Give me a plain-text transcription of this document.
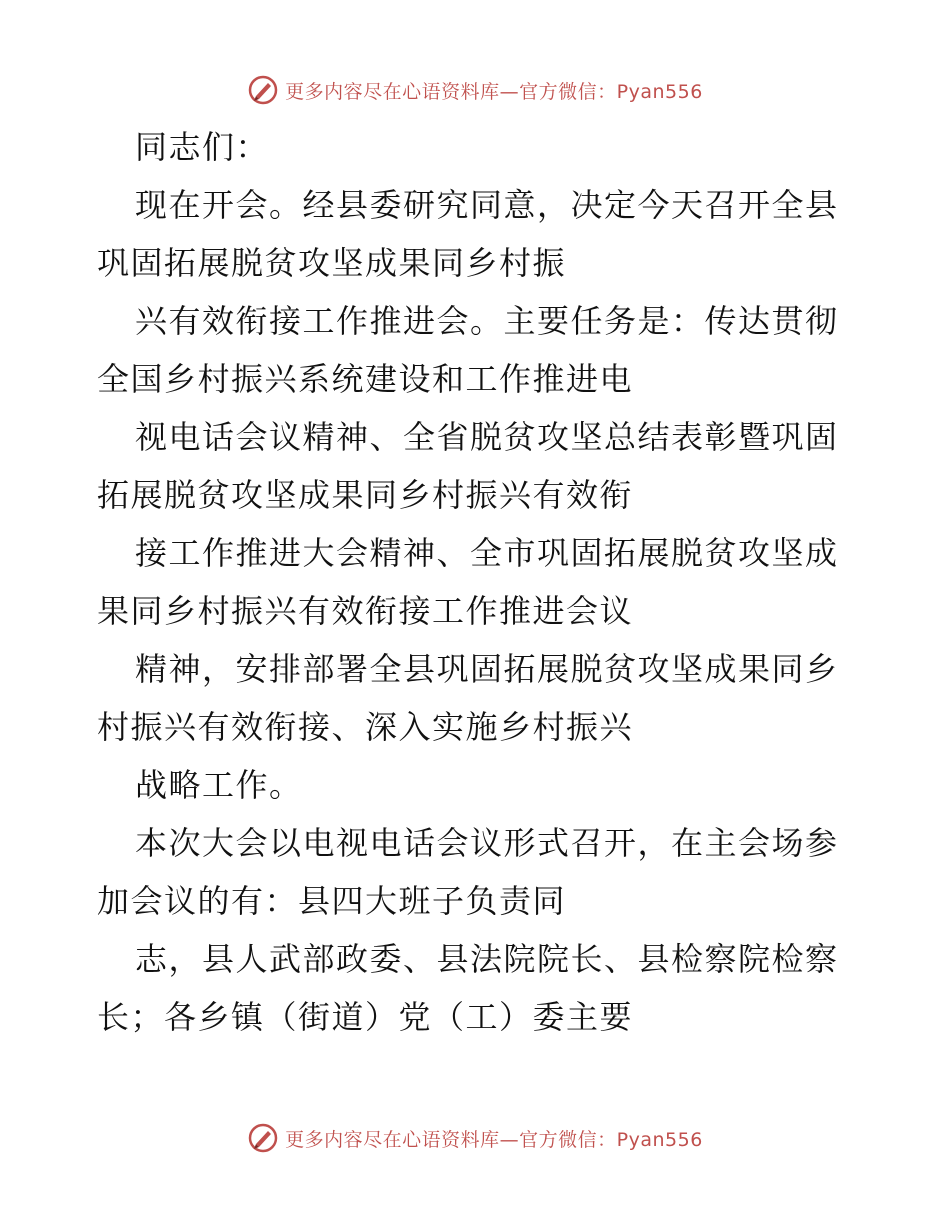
更多内容尽在心语资料库—官方微信：Pyan556
同志们：
现在开会。经县委研究同意，决定今天召开全县
巩固拓展脱贫攻坚成果同乡村振
兴有效衔接工作推进会。主要任务是：传达贯彻
全国乡村振兴系统建设和工作推进电
视电话会议精神、全省脱贫攻坚总结表彰暨巩固
拓展脱贫攻坚成果同乡村振兴有效衔
接工作推进大会精神、全市巩固拓展脱贫攻坚成
果同乡村振兴有效衔接工作推进会议
精神，安排部署全县巩固拓展脱贫攻坚成果同乡
村振兴有效衔接、深入实施乡村振兴
战略工作。
本次大会以电视电话会议形式召开，在主会场参
加会议的有：县四大班子负责同
志，县人武部政委、县法院院长、县检察院检察
长；各乡镇（街道）党（工）委主要
更多内容尽在心语资料库—官方微信：Pyan556
